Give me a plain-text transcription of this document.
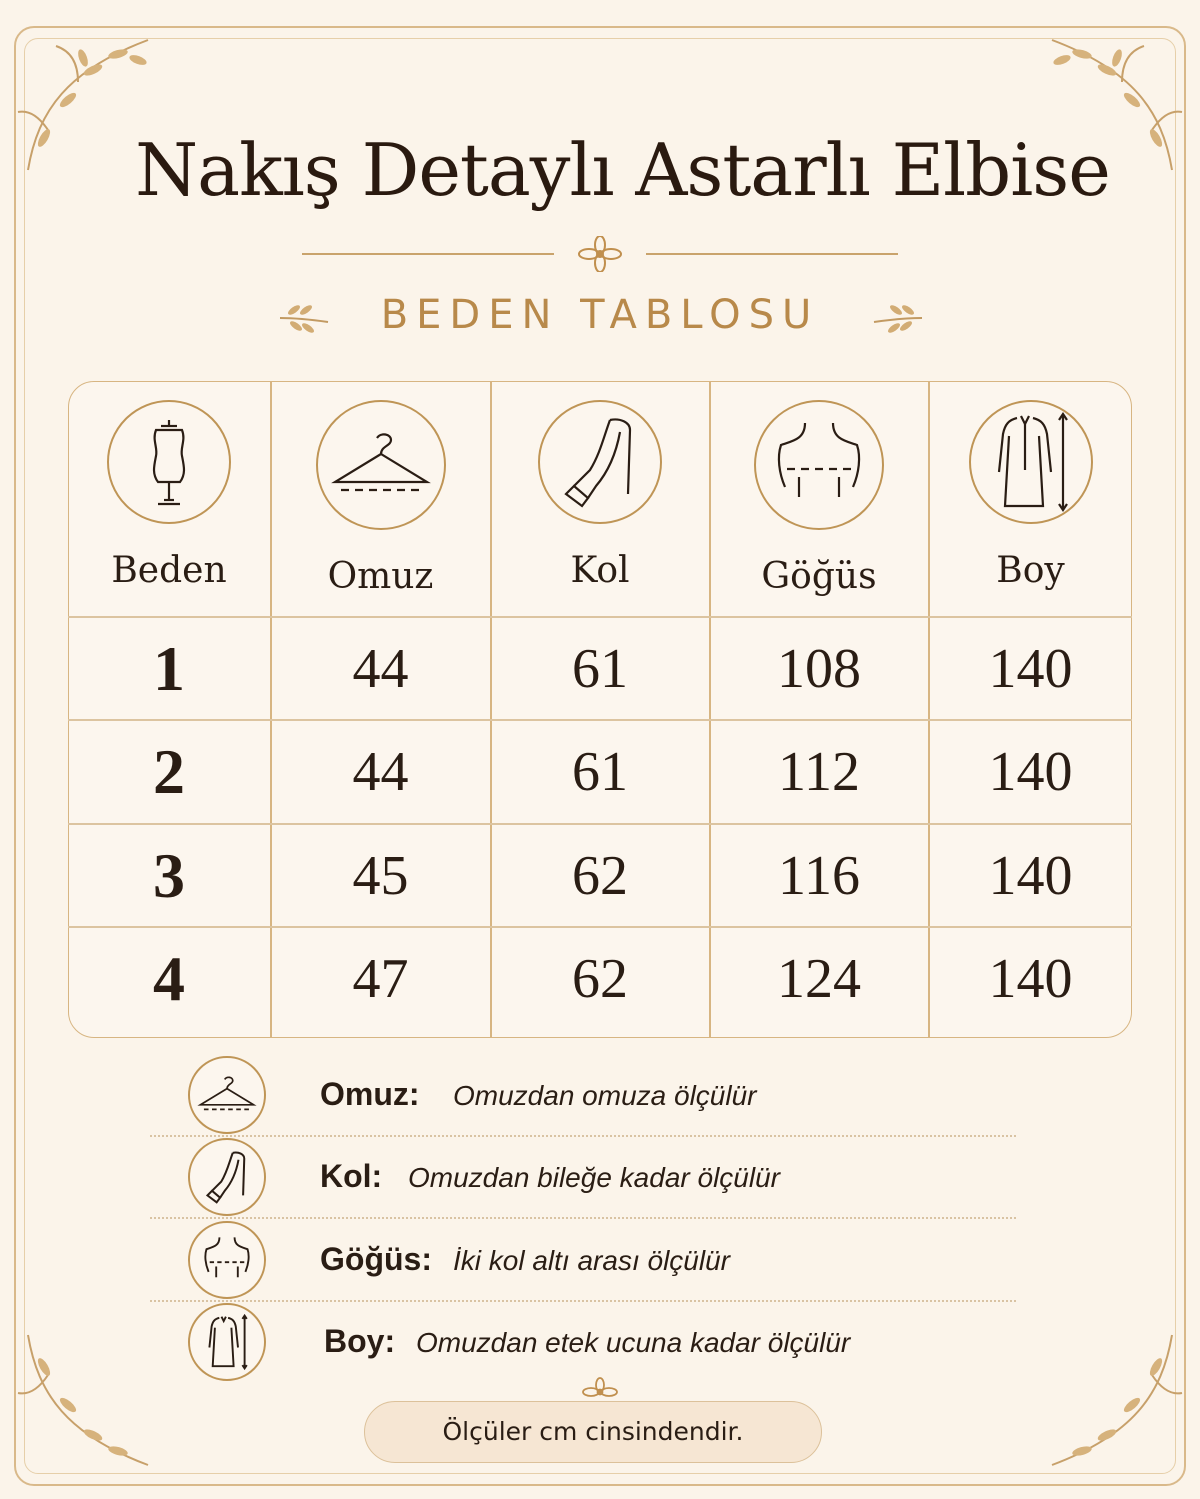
Nakış Detaylı Astarlı Elbise
BEDEN TABLOSU
Beden	Omuz	Kol	Göğüs	Boy
1	44	61	108	140
2	44	61	112	140
3	45	62	116	140
4	47	62	124	140
Omuz: Omuzdan omuza ölçülür
Kol: Omuzdan bileğe kadar ölçülür
Göğüs: İki kol altı arası ölçülür
Boy: Omuzdan etek ucuna kadar ölçülür
Ölçüler cm cinsindendir.
